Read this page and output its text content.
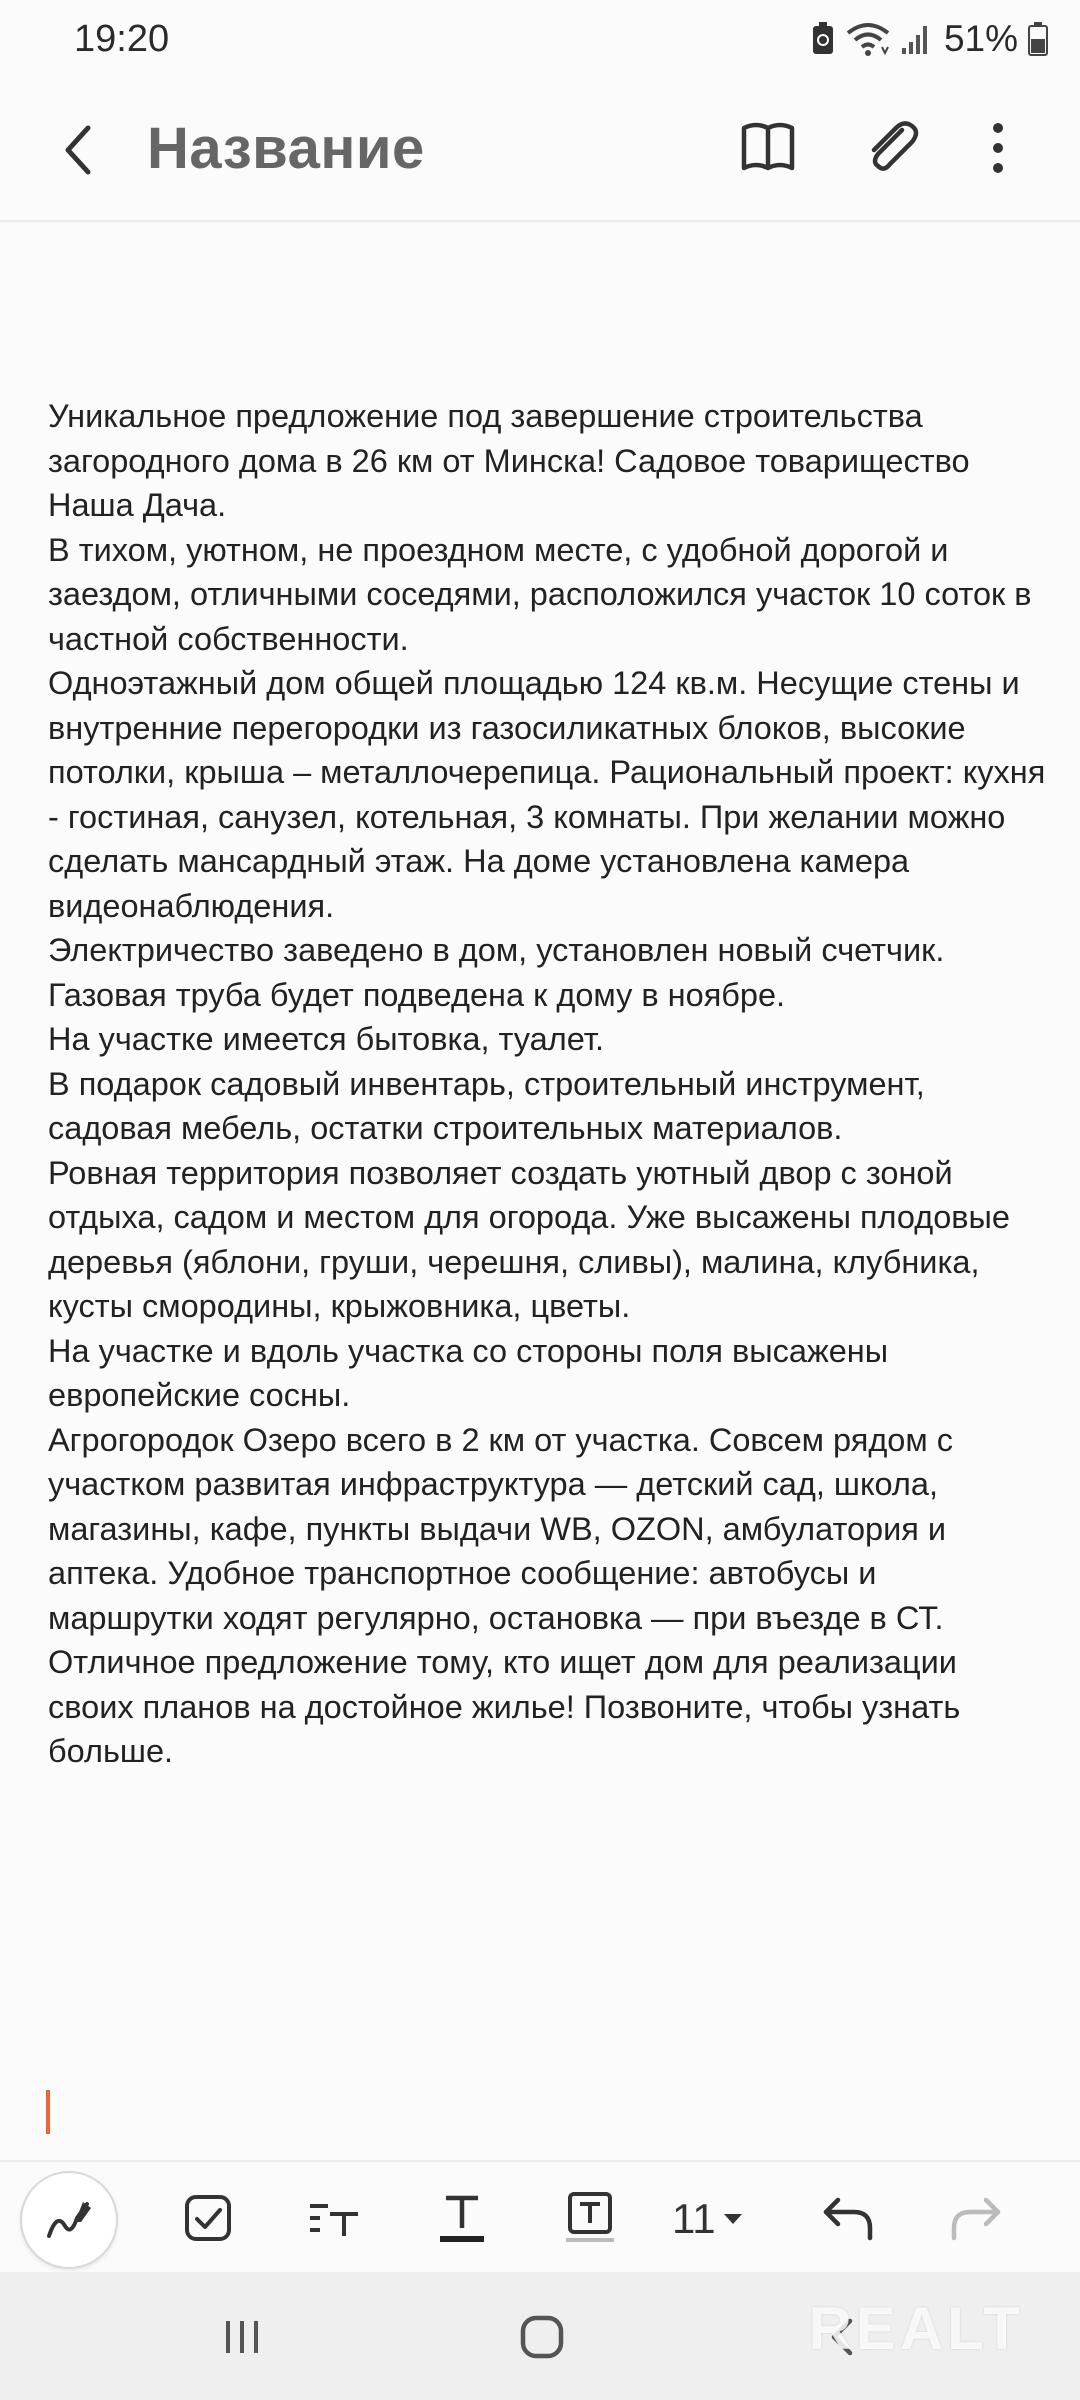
19:20	51%
Название

Уникальное предложение под завершение строительства загородного дома в 26 км от Минска! Садовое товарищество Наша Дача.

В тихом, уютном, не проездном месте, с удобной дорогой и заездом, отличными соседями, расположился участок 10 соток в частной собственности.

Одноэтажный дом общей площадью 124 кв.м. Несущие стены и внутренние перегородки из газосиликатных блоков, высокие потолки, крыша – металлочерепица. Рациональный проект: кухня - гостиная, санузел, котельная, 3 комнаты. При желании можно сделать мансардный этаж. На доме установлена камера видеонаблюдения.

Электричество заведено в дом, установлен новый счетчик. Газовая труба будет подведена к дому в ноябре.

На участке имеется бытовка, туалет.

В подарок садовый инвентарь, строительный инструмент, садовая мебель, остатки строительных материалов.

Ровная территория позволяет создать уютный двор с зоной отдыха, садом и местом для огорода. Уже высажены плодовые деревья (яблони, груши, черешня, сливы), малина, клубника, кусты смородины, крыжовника, цветы.

На участке и вдоль участка со стороны поля высажены европейские сосны.

Агрогородок Озеро всего в 2 км от участка. Совсем рядом с участком развитая инфраструктура — детский сад, школа, магазины, кафе, пункты выдачи WB, OZON, амбулатория и аптека. Удобное транспортное сообщение: автобусы и маршрутки ходят регулярно, остановка — при въезде в СТ.

Отличное предложение тому, кто ищет дом для реализации своих планов на достойное жилье! Позвоните, чтобы узнать больше.

11
REALT
